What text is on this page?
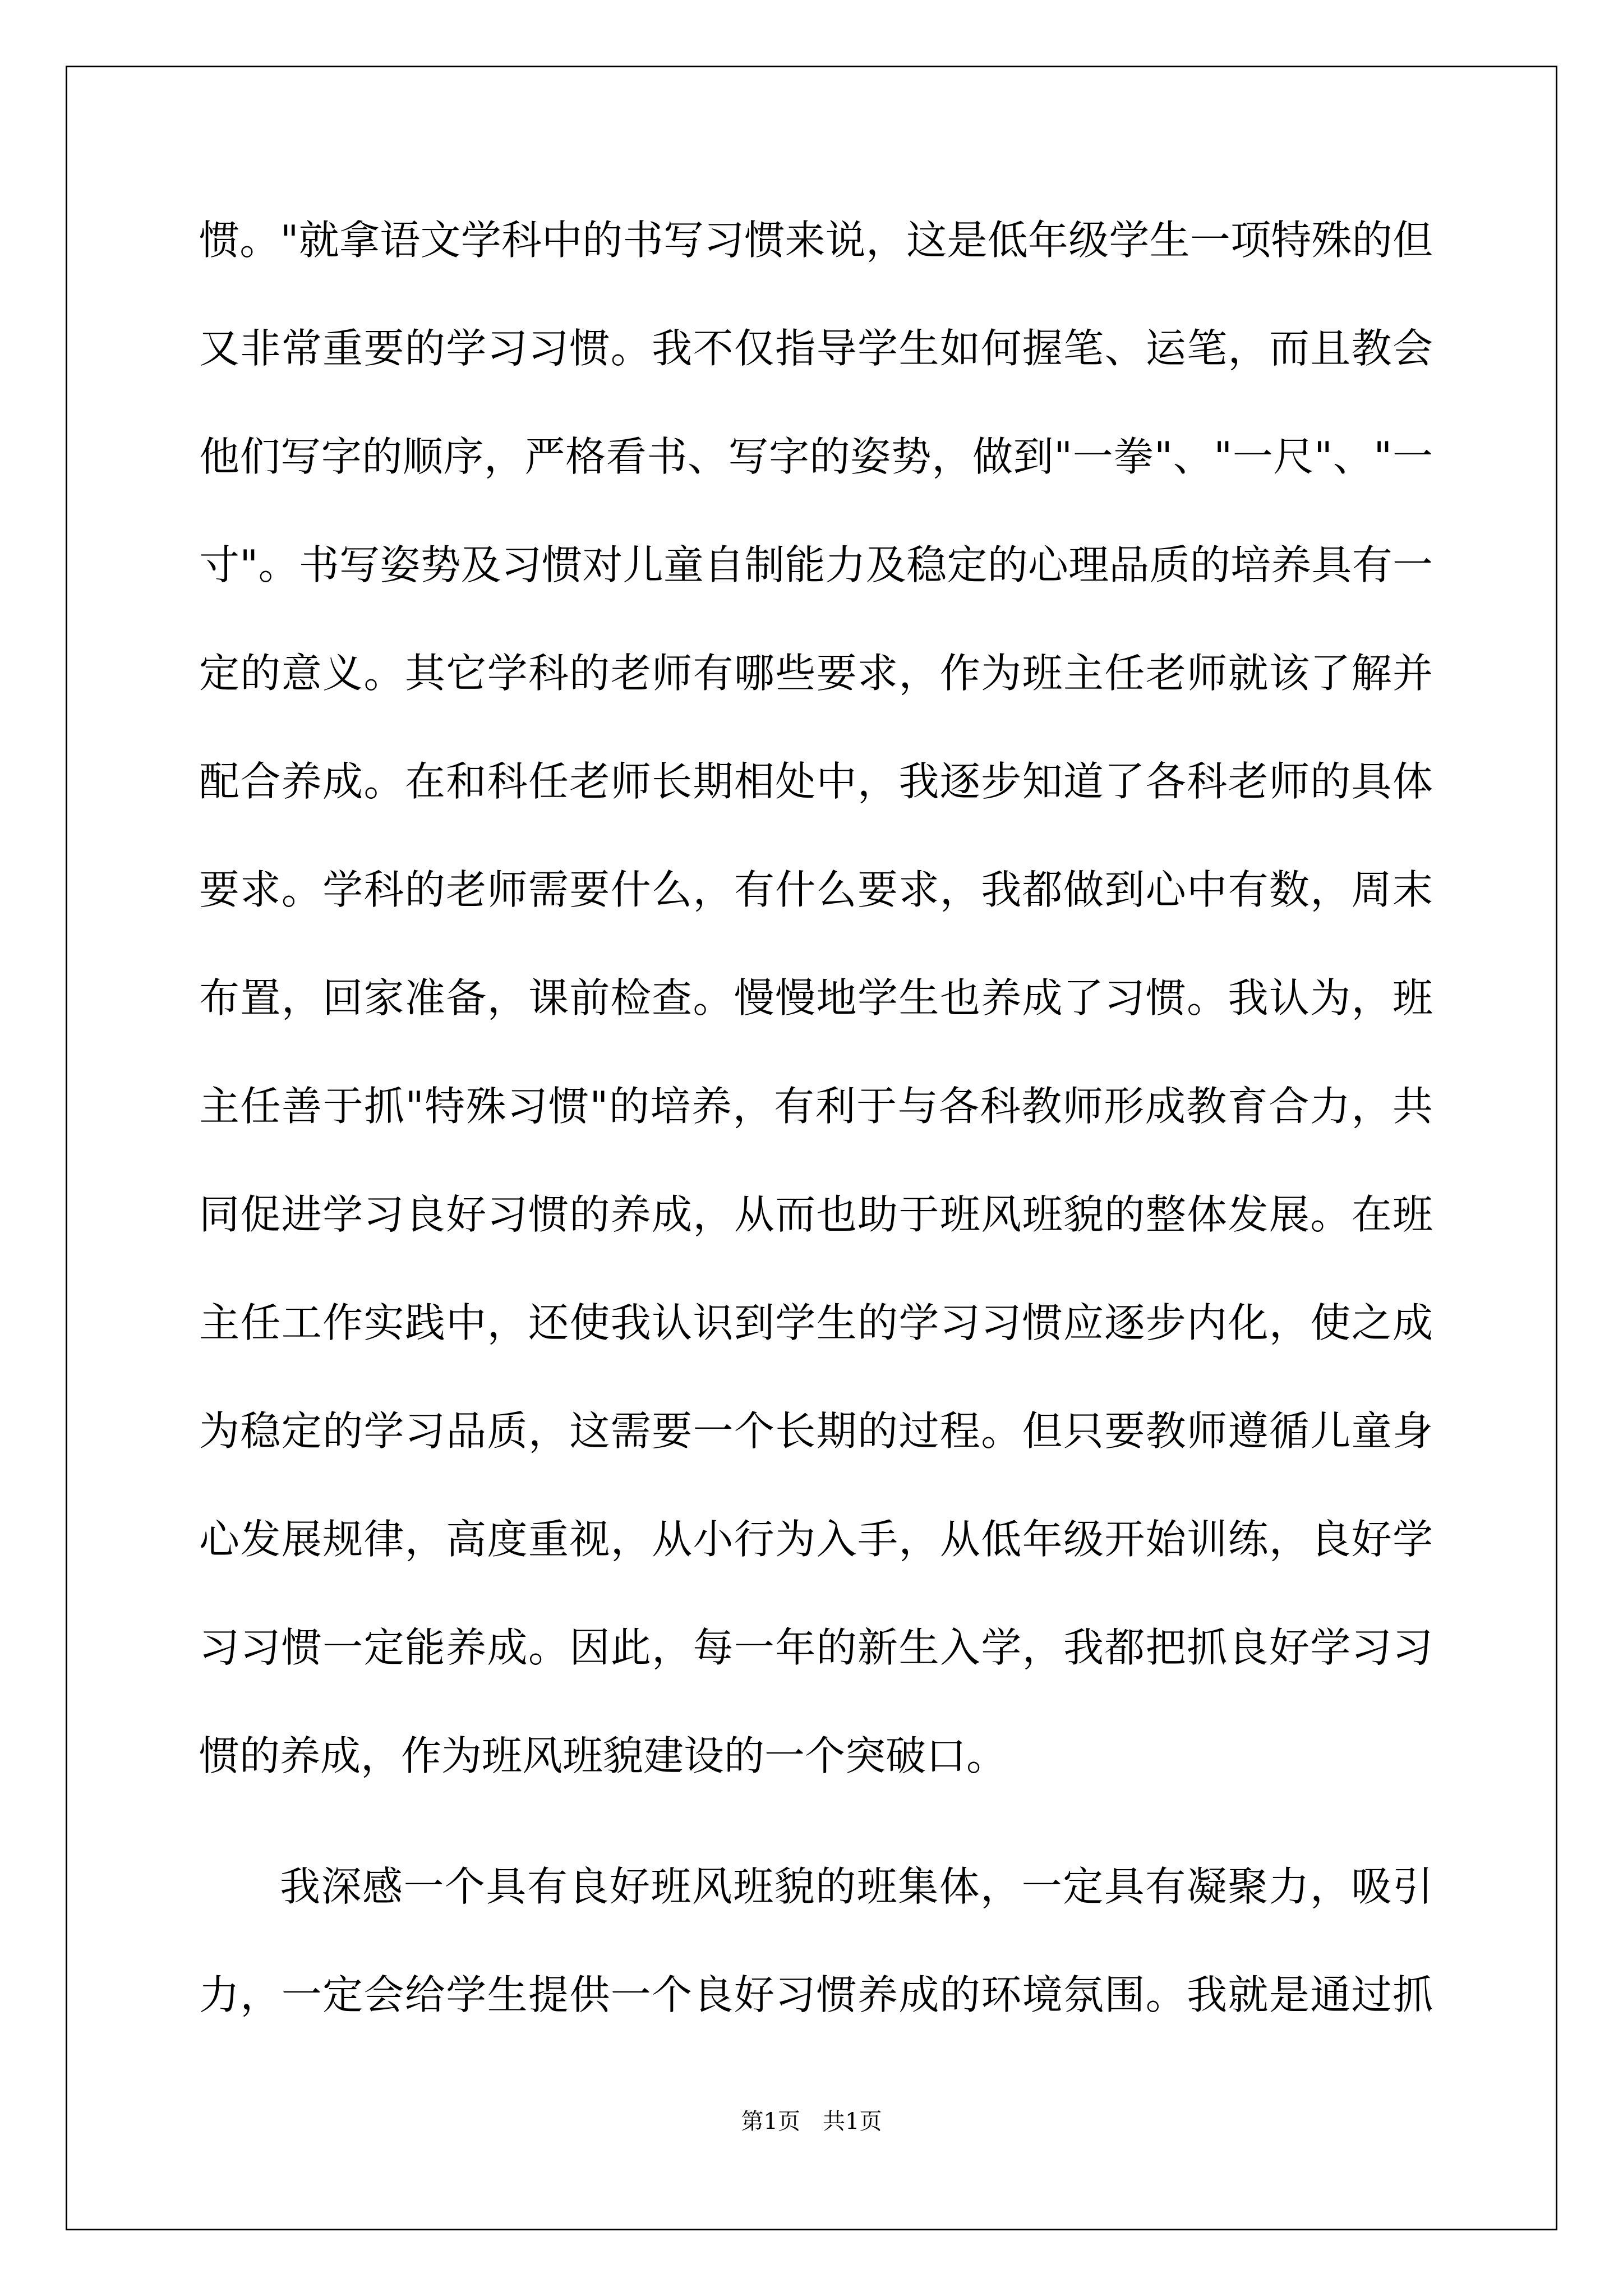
惯。"就拿语文学科中的书写习惯来说，这是低年级学生一项特殊的但
又非常重要的学习习惯。我不仅指导学生如何握笔、运笔，而且教会
他们写字的顺序，严格看书、写字的姿势，做到"一拳"、"一尺"、"一
寸"。书写姿势及习惯对儿童自制能力及稳定的心理品质的培养具有一
定的意义。其它学科的老师有哪些要求，作为班主任老师就该了解并
配合养成。在和科任老师长期相处中，我逐步知道了各科老师的具体
要求。学科的老师需要什么，有什么要求，我都做到心中有数，周末
布置，回家准备，课前检查。慢慢地学生也养成了习惯。我认为，班
主任善于抓"特殊习惯"的培养，有利于与各科教师形成教育合力，共
同促进学习良好习惯的养成，从而也助于班风班貌的整体发展。在班
主任工作实践中，还使我认识到学生的学习习惯应逐步内化，使之成
为稳定的学习品质，这需要一个长期的过程。但只要教师遵循儿童身
心发展规律，高度重视，从小行为入手，从低年级开始训练，良好学
习习惯一定能养成。因此，每一年的新生入学，我都把抓良好学习习
惯的养成，作为班风班貌建设的一个突破口。
我深感一个具有良好班风班貌的班集体，一定具有凝聚力，吸引
力，一定会给学生提供一个良好习惯养成的环境氛围。我就是通过抓
第1页　共1页
